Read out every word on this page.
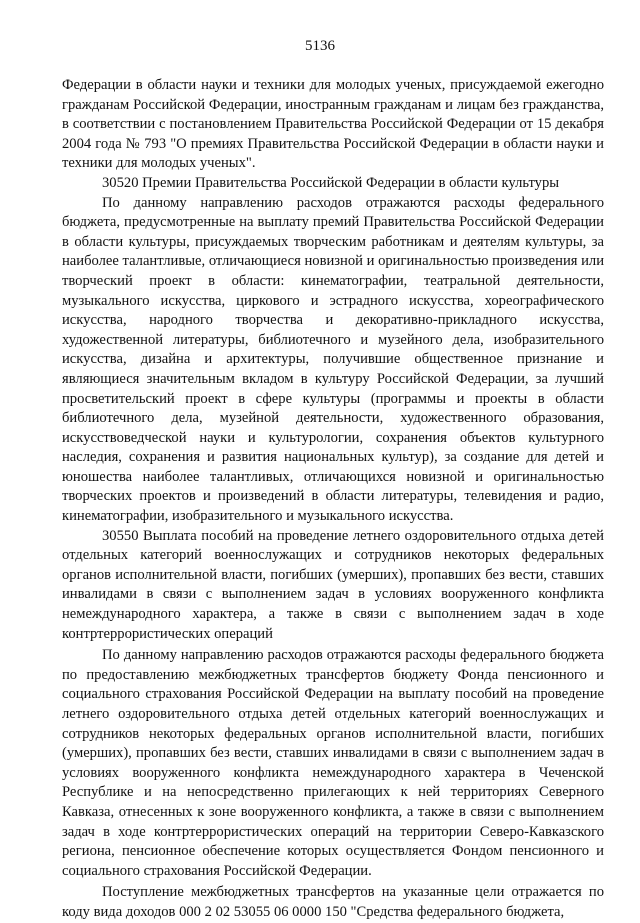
5136

Федерации в области науки и техники для молодых ученых, присуждаемой ежегодно гражданам Российской Федерации, иностранным гражданам и лицам без гражданства, в соответствии с постановлением Правительства Российской Федерации от 15 декабря 2004 года № 793 "О премиях Правительства Российской Федерации в области науки и техники для молодых ученых".

30520 Премии Правительства Российской Федерации в области культуры

По данному направлению расходов отражаются расходы федерального бюджета, предусмотренные на выплату премий Правительства Российской Федерации в области культуры, присуждаемых творческим работникам и деятелям культуры, за наиболее талантливые, отличающиеся новизной и оригинальностью произведения или творческий проект в области: кинематографии, театральной деятельности, музыкального искусства, циркового и эстрадного искусства, хореографического искусства, народного творчества и декоративно-прикладного искусства, художественной литературы, библиотечного и музейного дела, изобразительного искусства, дизайна и архитектуры, получившие общественное признание и являющиеся значительным вкладом в культуру Российской Федерации, за лучший просветительский проект в сфере культуры (программы и проекты в области библиотечного дела, музейной деятельности, художественного образования, искусствоведческой науки и культурологии, сохранения объектов культурного наследия, сохранения и развития национальных культур), за создание для детей и юношества наиболее талантливых, отличающихся новизной и оригинальностью творческих проектов и произведений в области литературы, телевидения и радио, кинематографии, изобразительного и музыкального искусства.

30550 Выплата пособий на проведение летнего оздоровительного отдыха детей отдельных категорий военнослужащих и сотрудников некоторых федеральных органов исполнительной власти, погибших (умерших), пропавших без вести, ставших инвалидами в связи с выполнением задач в условиях вооруженного конфликта немеждународного характера, а также в связи с выполнением задач в ходе контртеррористических операций

По данному направлению расходов отражаются расходы федерального бюджета по предоставлению межбюджетных трансфертов бюджету Фонда пенсионного и социального страхования Российской Федерации на выплату пособий на проведение летнего оздоровительного отдыха детей отдельных категорий военнослужащих и сотрудников некоторых федеральных органов исполнительной власти, погибших (умерших), пропавших без вести, ставших инвалидами в связи с выполнением задач в условиях вооруженного конфликта немеждународного характера в Чеченской Республике и на непосредственно прилегающих к ней территориях Северного Кавказа, отнесенных к зоне вооруженного конфликта, а также в связи с выполнением задач в ходе контртеррористических операций на территории Северо-Кавказского региона, пенсионное обеспечение которых осуществляется Фондом пенсионного и социального страхования Российской Федерации.

Поступление межбюджетных трансфертов на указанные цели отражается по коду вида доходов 000 2 02 53055 06 0000 150 "Средства федерального бюджета,
